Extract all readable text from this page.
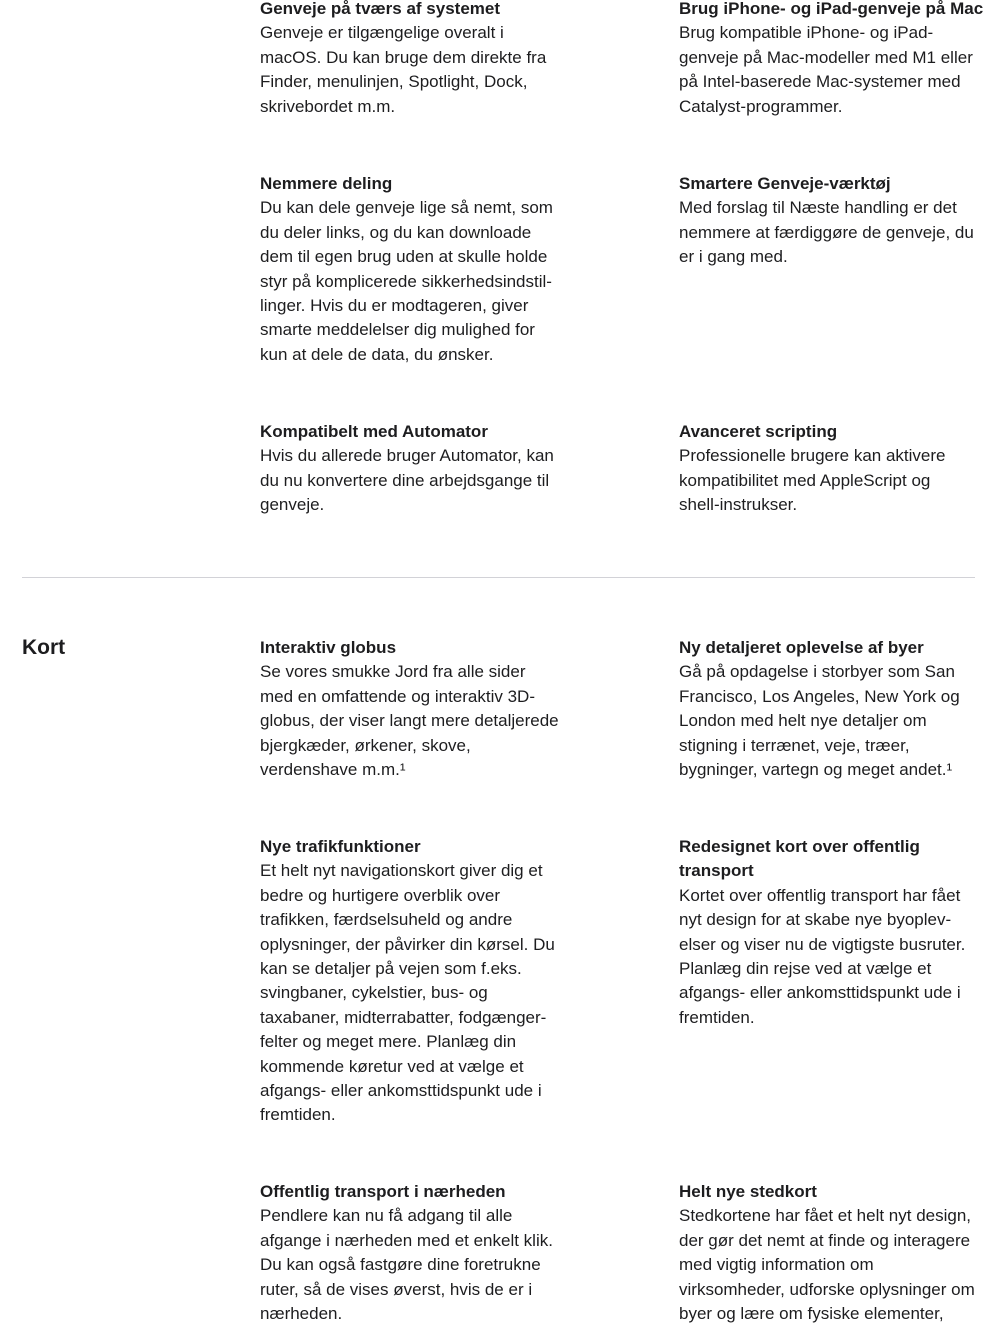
Genveje på tværs af systemet

Genveje er tilgængelige overalt i
macOS. Du kan bruge dem direkte fra
Finder, menulinjen, Spotlight, Dock,
skrivebordet m.m.

Brug iPhone- og iPad-genveje på Mac

Brug kompatible iPhone- og iPad-
genveje på Mac-modeller med M1 eller
på Intel-baserede Mac-systemer med
Catalyst-programmer.

Nemmere deling

Du kan dele genveje lige så nemt, som
du deler links, og du kan downloade
dem til egen brug uden at skulle holde
styr på komplicerede sikkerhedsindstil-
linger. Hvis du er modtageren, giver
smarte meddelelser dig mulighed for
kun at dele de data, du ønsker.

Smartere Genveje-værktøj

Med forslag til Næste handling er det
nemmere at færdiggøre de genveje, du
er i gang med.

Kompatibelt med Automator

Hvis du allerede bruger Automator, kan
du nu konvertere dine arbejdsgange til
genveje.

Avanceret scripting

Professionelle brugere kan aktivere
kompatibilitet med AppleScript og
shell-instrukser.

Kort	Interaktiv globus

Se vores smukke Jord fra alle sider
med en omfattende og interaktiv 3D-
globus, der viser langt mere detaljerede
bjergkæder, ørkener, skove,
verdenshave m.m.¹

Ny detaljeret oplevelse af byer

Gå på opdagelse i storbyer som San
Francisco, Los Angeles, New York og
London med helt nye detaljer om
stigning i terrænet, veje, træer,
bygninger, vartegn og meget andet.¹

Nye trafikfunktioner

Et helt nyt navigationskort giver dig et
bedre og hurtigere overblik over
trafikken, færdselsuheld og andre
oplysninger, der påvirker din kørsel. Du
kan se detaljer på vejen som f.eks.
svingbaner, cykelstier, bus- og
taxabaner, midterrabatter, fodgænger-
felter og meget mere. Planlæg din
kommende køretur ved at vælge et
afgangs- eller ankomsttidspunkt ude i
fremtiden.

Redesignet kort over offentlig
transport

Kortet over offentlig transport har fået
nyt design for at skabe nye byoplev-
elser og viser nu de vigtigste busruter.
Planlæg din rejse ved at vælge et
afgangs- eller ankomsttidspunkt ude i
fremtiden.

Offentlig transport i nærheden

Pendlere kan nu få adgang til alle
afgange i nærheden med et enkelt klik.
Du kan også fastgøre dine foretrukne
ruter, så de vises øverst, hvis de er i
nærheden.

Helt nye stedkort

Stedkortene har fået et helt nyt design,
der gør det nemt at finde og interagere
med vigtig information om
virksomheder, udforske oplysninger om
byer og lære om fysiske elementer,
